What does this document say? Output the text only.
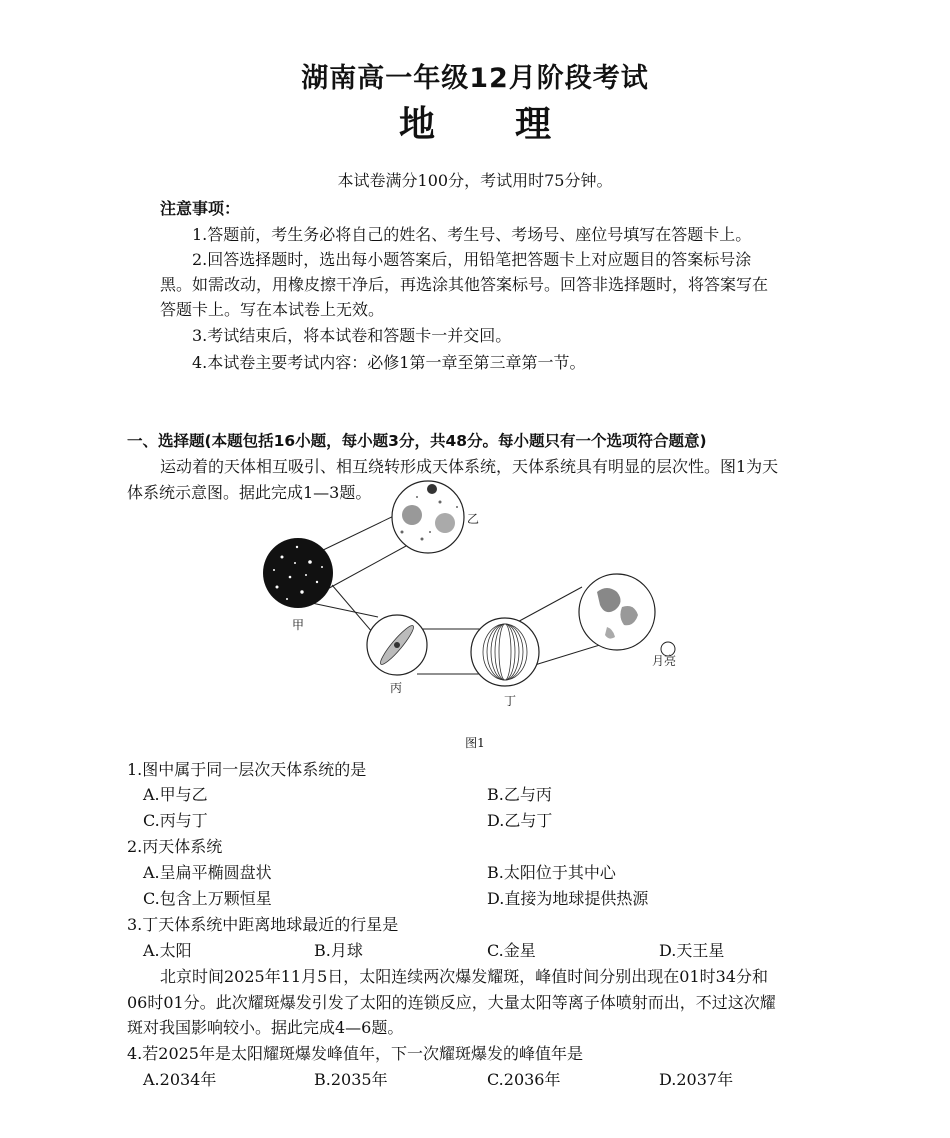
湖南高一年级12月阶段考试
地 理
本试卷满分100分，考试用时75分钟。
注意事项：
1.答题前，考生务必将自己的姓名、考生号、考场号、座位号填写在答题卡上。
2.回答选择题时，选出每小题答案后，用铅笔把答题卡上对应题目的答案标号涂
黑。如需改动，用橡皮擦干净后，再选涂其他答案标号。回答非选择题时，将答案写在
答题卡上。写在本试卷上无效。
3.考试结束后，将本试卷和答题卡一并交回。
4.本试卷主要考试内容：必修1第一章至第三章第一节。
一、选择题(本题包括16小题，每小题3分，共48分。每小题只有一个选项符合题意)
运动着的天体相互吸引、相互绕转形成天体系统，天体系统具有明显的层次性。图1为天
体系统示意图。据此完成1—3题。
甲
乙
丙
丁
月亮
图1
1.图中属于同一层次天体系统的是
A.甲与乙	B.乙与丙
C.丙与丁	D.乙与丁
2.丙天体系统
A.呈扁平椭圆盘状	B.太阳位于其中心
C.包含上万颗恒星	D.直接为地球提供热源
3.丁天体系统中距离地球最近的行星是
A.太阳	B.月球	C.金星	D.天王星
北京时间2025年11月5日，太阳连续两次爆发耀斑，峰值时间分别出现在01时34分和
06时01分。此次耀斑爆发引发了太阳的连锁反应，大量太阳等离子体喷射而出，不过这次耀
斑对我国影响较小。据此完成4—6题。
4.若2025年是太阳耀斑爆发峰值年，下一次耀斑爆发的峰值年是
A.2034年	B.2035年	C.2036年	D.2037年
